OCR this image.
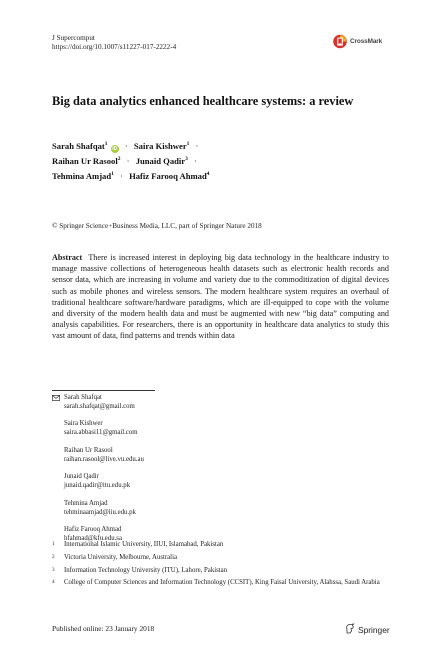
J Supercomput
https://doi.org/10.1007/s11227-017-2222-4
CrossMark
Big data analytics enhanced healthcare systems: a review
Sarah Shafqat$^1$ iD · Saira Kishwer$^1$ ·
Raihan Ur Rasool$^2$ · Junaid Qadir$^3$ ·
Tehmina Amjad$^1$ · Hafiz Farooq Ahmad$^4$
© Springer Science+Business Media, LLC, part of Springer Nature 2018

Abstract There is increased interest in deploying big data technology in the healthcare industry to manage massive collections of heterogeneous health datasets such as electronic health records and sensor data, which are increasing in volume and variety due to the commoditization of digital devices such as mobile phones and wireless sensors. The modern healthcare system requires an overhaul of traditional healthcare software/hardware paradigms, which are ill-equipped to cope with the volume and diversity of the modern health data and must be augmented with new “big data” computing and analysis capabilities. For researchers, there is an opportunity in healthcare data analytics to study this vast amount of data, find patterns and trends within data

Sarah Shafqat
sarah.shafqat@gmail.com
Saira Kishwer
saira.abbasi11@gmail.com
Raihan Ur Rasool
raihan.rasool@live.vu.edu.au
Junaid Qadir
junaid.qadir@itu.edu.pk
Tehmina Amjad
tehminaamjad@iiu.edu.pk
Hafiz Farooq Ahmad
hfahmad@kfu.edu.sa
1	International Islamic University, IIUI, Islamabad, Pakistan
2	Victoria University, Melbourne, Australia
3	Information Technology University (ITU), Lahore, Pakistan
4	College of Computer Sciences and Information Technology (CCSIT), King Faisal University, Alahssa, Saudi Arabia
Published online: 23 January 2018	Springer
